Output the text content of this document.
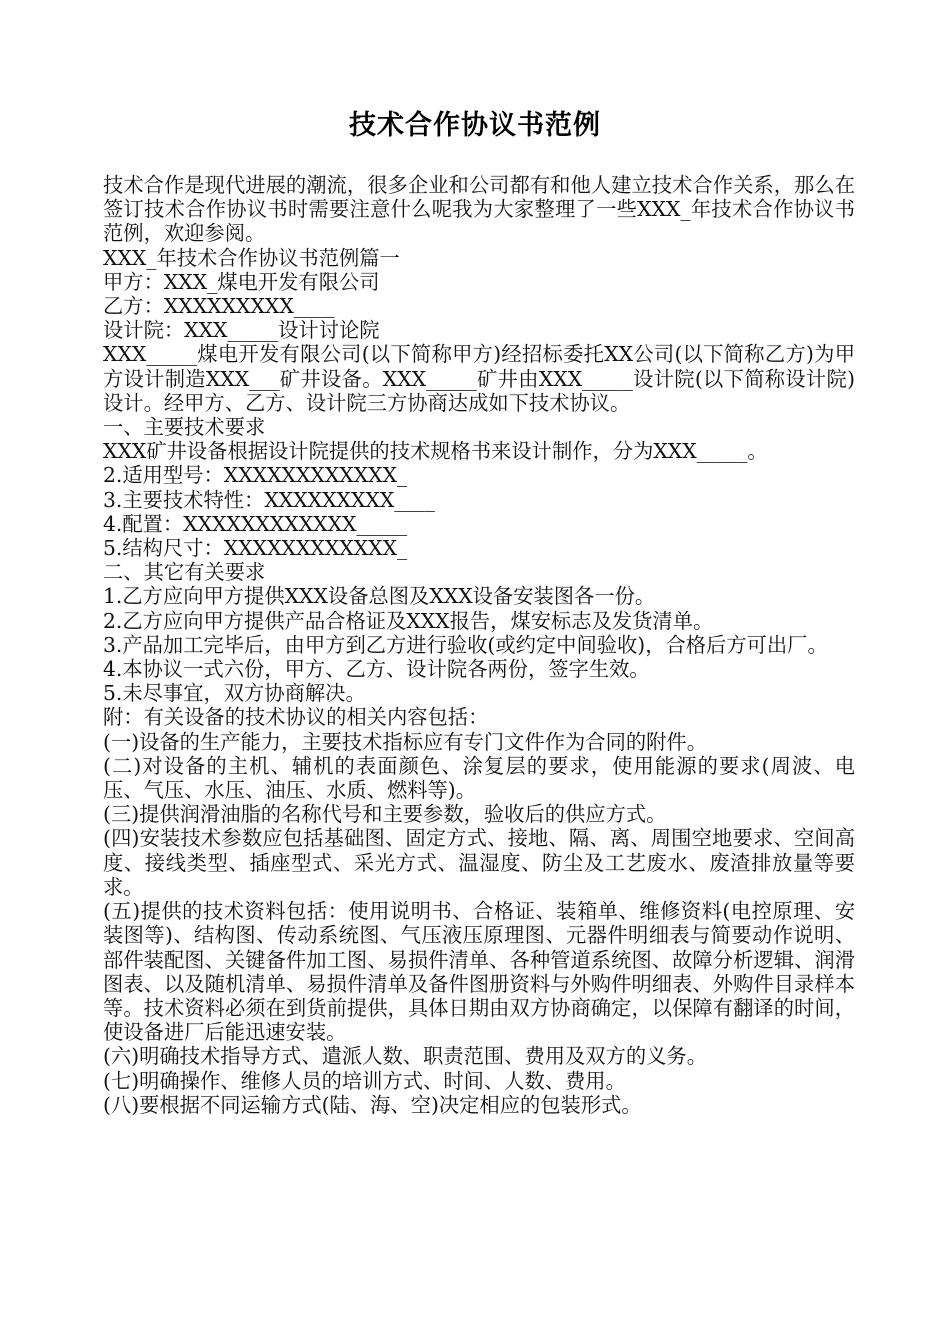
技术合作协议书范例

技术合作是现代进展的潮流，很多企业和公司都有和他人建立技术合作关系，那么在签订技术合作协议书时需要注意什么呢我为大家整理了一些XXX_年技术合作协议书范例，欢迎参阅。

XXX_年技术合作协议书范例篇一

甲方：XXX_煤电开发有限公司

乙方：XXXXXXXXX____

设计院：XXX_____设计讨论院

XXX_____煤电开发有限公司(以下简称甲方)经招标委托XX公司(以下简称乙方)为甲方设计制造XXX___矿井设备。XXX_____矿井由XXX_____设计院(以下简称设计院)设计。经甲方、乙方、设计院三方协商达成如下技术协议。

一、主要技术要求

XXX矿井设备根据设计院提供的技术规格书来设计制作，分为XXX_____。

2.适用型号：XXXXXXXXXXXX_

3.主要技术特性：XXXXXXXXX____

4.配置：XXXXXXXXXXXX_____

5.结构尺寸：XXXXXXXXXXXX_

二、其它有关要求

1.乙方应向甲方提供XXX设备总图及XXX设备安装图各一份。

2.乙方应向甲方提供产品合格证及XXX报告，煤安标志及发货清单。

3.产品加工完毕后，由甲方到乙方进行验收(或约定中间验收)，合格后方可出厂。

4.本协议一式六份，甲方、乙方、设计院各两份，签字生效。

5.未尽事宜，双方协商解决。

附：有关设备的技术协议的相关内容包括：

(一)设备的生产能力，主要技术指标应有专门文件作为合同的附件。

(二)对设备的主机、辅机的表面颜色、涂复层的要求，使用能源的要求(周波、电压、气压、水压、油压、水质、燃料等)。

(三)提供润滑油脂的名称代号和主要参数，验收后的供应方式。

(四)安装技术参数应包括基础图、固定方式、接地、隔、离、周围空地要求、空间高度、接线类型、插座型式、采光方式、温湿度、防尘及工艺废水、废渣排放量等要求。

(五)提供的技术资料包括：使用说明书、合格证、装箱单、维修资料(电控原理、安装图等)、结构图、传动系统图、气压液压原理图、元器件明细表与简要动作说明、部件装配图、关键备件加工图、易损件清单、各种管道系统图、故障分析逻辑、润滑图表、以及随机清单、易损件清单及备件图册资料与外购件明细表、外购件目录样本等。技术资料必须在到货前提供，具体日期由双方协商确定，以保障有翻译的时间，使设备进厂后能迅速安装。

(六)明确技术指导方式、遣派人数、职责范围、费用及双方的义务。

(七)明确操作、维修人员的培训方式、时间、人数、费用。

(八)要根据不同运输方式(陆、海、空)决定相应的包装形式。
